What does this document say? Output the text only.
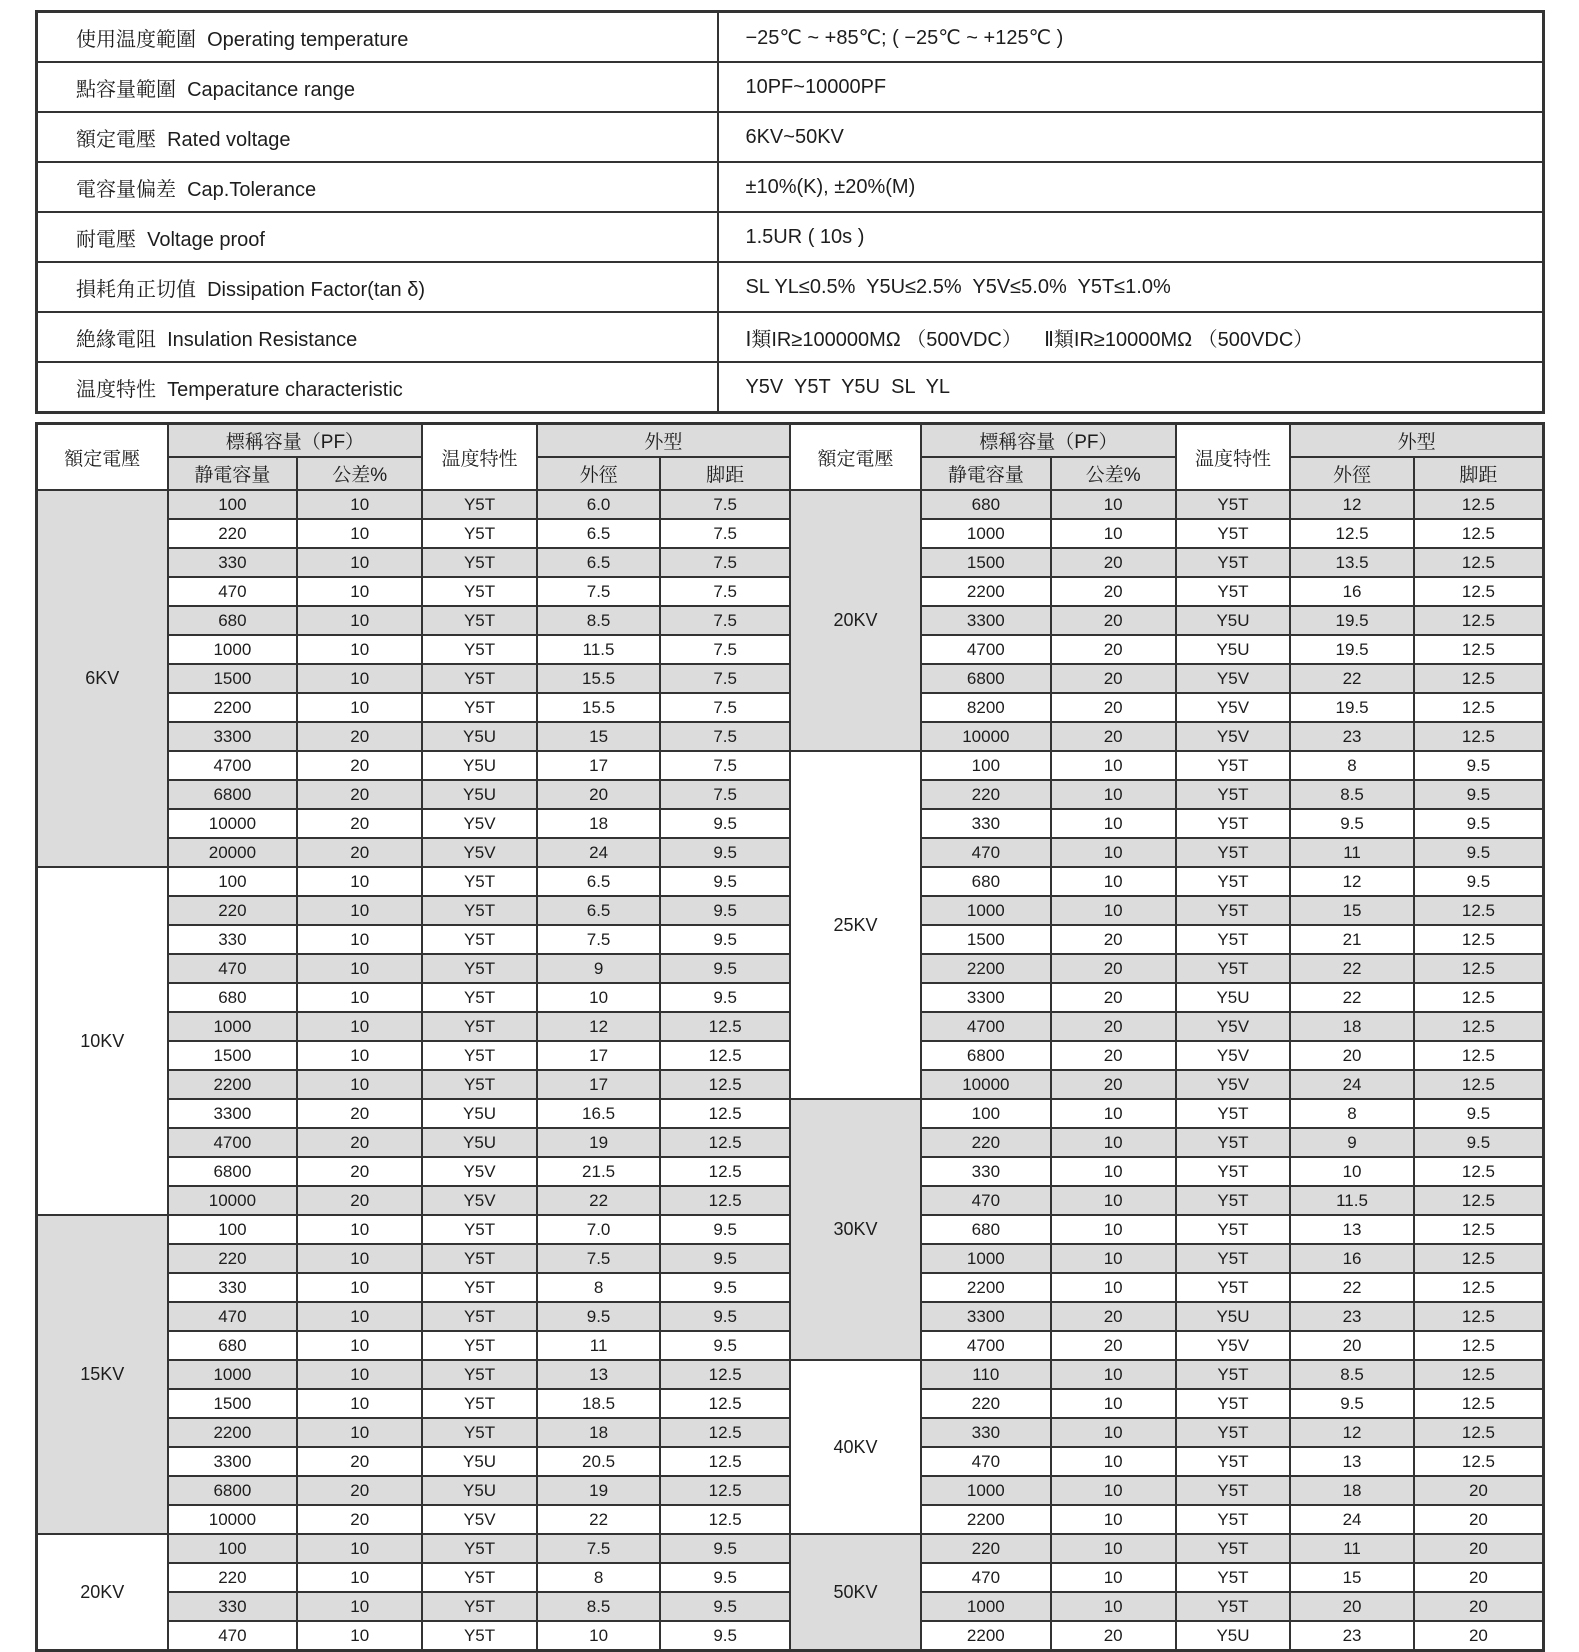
使用温度範圍  Operating temperature	−25℃ ~ +85℃; ( −25℃ ~ +125℃ )
點容量範圍  Capacitance range	10PF~10000PF
額定電壓  Rated voltage	6KV~50KV
電容量偏差  Cap.Tolerance	±10%(K), ±20%(M)
耐電壓  Voltage proof	1.5UR ( 10s )
損耗角正切值  Dissipation Factor(tan δ)	SL YL≤0.5%  Y5U≤2.5%  Y5V≤5.0%  Y5T≤1.0%
絶緣電阻  Insulation Resistance	Ⅰ類IR≥100000MΩ （500VDC）    Ⅱ類IR≥10000MΩ （500VDC）
温度特性  Temperature characteristic	Y5V  Y5T  Y5U  SL  YL
額定電壓	標稱容量（PF）		温度特性	外型		額定電壓	標稱容量（PF）		温度特性	外型	
	静電容量	公差%		外徑	脚距		静電容量	公差%		外徑	脚距
6KV	100	10	Y5T	6.0	7.5	20KV	680	10	Y5T	12	12.5
	220	10	Y5T	6.5	7.5		1000	10	Y5T	12.5	12.5
	330	10	Y5T	6.5	7.5		1500	20	Y5T	13.5	12.5
	470	10	Y5T	7.5	7.5		2200	20	Y5T	16	12.5
	680	10	Y5T	8.5	7.5		3300	20	Y5U	19.5	12.5
	1000	10	Y5T	11.5	7.5		4700	20	Y5U	19.5	12.5
	1500	10	Y5T	15.5	7.5		6800	20	Y5V	22	12.5
	2200	10	Y5T	15.5	7.5		8200	20	Y5V	19.5	12.5
	3300	20	Y5U	15	7.5		10000	20	Y5V	23	12.5
	4700	20	Y5U	17	7.5	25KV	100	10	Y5T	8	9.5
	6800	20	Y5U	20	7.5		220	10	Y5T	8.5	9.5
	10000	20	Y5V	18	9.5		330	10	Y5T	9.5	9.5
	20000	20	Y5V	24	9.5		470	10	Y5T	11	9.5
10KV	100	10	Y5T	6.5	9.5		680	10	Y5T	12	9.5
	220	10	Y5T	6.5	9.5		1000	10	Y5T	15	12.5
	330	10	Y5T	7.5	9.5		1500	20	Y5T	21	12.5
	470	10	Y5T	9	9.5		2200	20	Y5T	22	12.5
	680	10	Y5T	10	9.5		3300	20	Y5U	22	12.5
	1000	10	Y5T	12	12.5		4700	20	Y5V	18	12.5
	1500	10	Y5T	17	12.5		6800	20	Y5V	20	12.5
	2200	10	Y5T	17	12.5		10000	20	Y5V	24	12.5
	3300	20	Y5U	16.5	12.5	30KV	100	10	Y5T	8	9.5
	4700	20	Y5U	19	12.5		220	10	Y5T	9	9.5
	6800	20	Y5V	21.5	12.5		330	10	Y5T	10	12.5
	10000	20	Y5V	22	12.5		470	10	Y5T	11.5	12.5
15KV	100	10	Y5T	7.0	9.5		680	10	Y5T	13	12.5
	220	10	Y5T	7.5	9.5		1000	10	Y5T	16	12.5
	330	10	Y5T	8	9.5		2200	10	Y5T	22	12.5
	470	10	Y5T	9.5	9.5		3300	20	Y5U	23	12.5
	680	10	Y5T	11	9.5		4700	20	Y5V	20	12.5
	1000	10	Y5T	13	12.5	40KV	110	10	Y5T	8.5	12.5
	1500	10	Y5T	18.5	12.5		220	10	Y5T	9.5	12.5
	2200	10	Y5T	18	12.5		330	10	Y5T	12	12.5
	3300	20	Y5U	20.5	12.5		470	10	Y5T	13	12.5
	6800	20	Y5U	19	12.5		1000	10	Y5T	18	20
	10000	20	Y5V	22	12.5		2200	10	Y5T	24	20
20KV	100	10	Y5T	7.5	9.5	50KV	220	10	Y5T	11	20
	220	10	Y5T	8	9.5		470	10	Y5T	15	20
	330	10	Y5T	8.5	9.5		1000	10	Y5T	20	20
	470	10	Y5T	10	9.5		2200	20	Y5U	23	20
